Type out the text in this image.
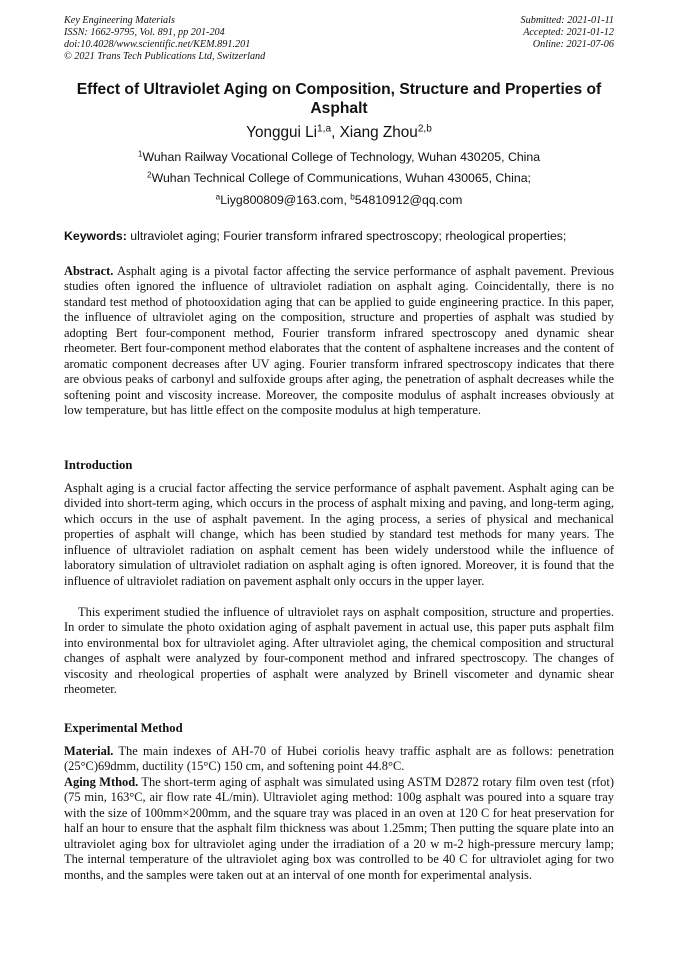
Key Engineering Materials
ISSN: 1662-9795, Vol. 891, pp 201-204
doi:10.4028/www.scientific.net/KEM.891.201
© 2021 Trans Tech Publications Ltd, Switzerland
Submitted: 2021-01-11
Accepted: 2021-01-12
Online: 2021-07-06
Effect of Ultraviolet Aging on Composition, Structure and Properties of Asphalt
Yonggui Li$^{1,a}$, Xiang Zhou$^{2,b}$
$^1$Wuhan Railway Vocational College of Technology, Wuhan 430205, China
$^2$Wuhan Technical College of Communications, Wuhan 430065, China;
$^a$Liyg800809@163.com, $^b$54810912@qq.com
Keywords: ultraviolet aging; Fourier transform infrared spectroscopy; rheological properties;

Abstract. Asphalt aging is a pivotal factor affecting the service performance of asphalt pavement. Previous studies often ignored the influence of ultraviolet radiation on asphalt aging. Coincidentally, there is no standard test method of photooxidation aging that can be applied to guide engineering practice. In this paper, the influence of ultraviolet aging on the composition, structure and properties of asphalt was studied by adopting Bert four-component method, Fourier transform infrared spectroscopy aned dynamic shear rheometer. Bert four-component method elaborates that the content of asphaltene increases and the content of aromatic component decreases after UV aging. Fourier transform infrared spectroscopy indicates that there are obvious peaks of carbonyl and sulfoxide groups after aging, the penetration of asphalt decreases while the softening point and viscosity increase. Moreover, the composite modulus of asphalt increases obviously at low temperature, but has little effect on the composite modulus at high temperature.

Introduction

Asphalt aging is a crucial factor affecting the service performance of asphalt pavement. Asphalt aging can be divided into short-term aging, which occurs in the process of asphalt mixing and paving, and long-term aging, which occurs in the use of asphalt pavement. In the aging process, a series of physical and mechanical properties of asphalt will change, which has been studied by standard test methods for many years. The influence of ultraviolet radiation on asphalt cement has been widely understood while the influence of laboratory simulation of ultraviolet radiation on asphalt aging is often ignored. Moreover, it is found that the influence of ultraviolet radiation on pavement asphalt only occurs in the upper layer.

This experiment studied the influence of ultraviolet rays on asphalt composition, structure and properties. In order to simulate the photo oxidation aging of asphalt pavement in actual use, this paper puts asphalt film into environmental box for ultraviolet aging. After ultraviolet aging, the chemical composition and structural changes of asphalt were analyzed by four-component method and infrared spectroscopy. The changes of viscosity and rheological properties of asphalt were analyzed by Brinell viscometer and dynamic shear rheometer.

Experimental Method

Material. The main indexes of AH-70 of Hubei coriolis heavy traffic asphalt are as follows: penetration (25°C)69dmm, ductility (15°C) 150 cm, and softening point 44.8°C.

Aging Mthod. The short-term aging of asphalt was simulated using ASTM D2872 rotary film oven test (rfot) (75 min, 163°C, air flow rate 4L/min). Ultraviolet aging method: 100g asphalt was poured into a square tray with the size of 100mm×200mm, and the square tray was placed in an oven at 120 C for heat preservation for half an hour to ensure that the asphalt film thickness was about 1.25mm; Then putting the square plate into an ultraviolet aging box for ultraviolet aging under the irradiation of a 20 w m-2 high-pressure mercury lamp; The internal temperature of the ultraviolet aging box was controlled to be 40 C for ultraviolet aging for two months, and the samples were taken out at an interval of one month for experimental analysis.
